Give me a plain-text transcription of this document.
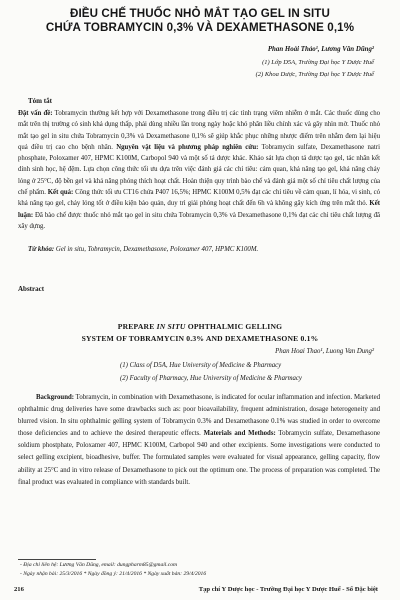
ĐIỀU CHẾ THUỐC NHỎ MẮT TẠO GEL IN SITU
CHỨA TOBRAMYCIN 0,3% VÀ DEXAMETHASONE 0,1%
Phan Hoài Thảo¹, Lương Văn Dũng²
(1) Lớp D5A, Trường Đại học Y Dược Huế
(2) Khoa Dược, Trường Đại học Y Dược Huế
Tóm tắt
Đặt vấn đề: Tobramycin thường kết hợp với Dexamethasone trong điều trị các tình trạng viêm nhiễm ở mắt. Các thuốc dùng cho mắt trên thị trường có sinh khả dụng thấp, phải dùng nhiều lần trong ngày hoặc khó phân liều chính xác và gây nhìn mờ. Thuốc nhỏ mắt tạo gel in situ chứa Tobramycin 0,3% và Dexamethasone 0,1% sẽ giúp khắc phục những nhược điểm trên nhằm đem lại hiệu quả điều trị cao cho bệnh nhân. Nguyên vật liệu và phương pháp nghiên cứu: Tobramycin sulfate, Dexamethasone natri phosphate, Poloxamer 407, HPMC K100M, Carbopol 940 và một số tá dược khác. Khảo sát lựa chọn tá dược tạo gel, tác nhân kết dính sinh học, hệ đệm. Lựa chọn công thức tối ưu dựa trên việc đánh giá các chỉ tiêu: cảm quan, khả năng tạo gel, khả năng chảy lỏng ở 25°C, độ bền gel và khả năng phóng thích hoạt chất. Hoàn thiện quy trình bào chế và đánh giá một số chỉ tiêu chất lượng của chế phẩm. Kết quả: Công thức tối ưu CT16 chứa P407 16,5%; HPMC K100M 0,5% đạt các chỉ tiêu về cảm quan, lí hóa, vi sinh, có khả năng tạo gel, chảy lỏng tốt ở điều kiện bảo quản, duy trì giải phóng hoạt chất đến 6h và không gây kích ứng trên mắt thỏ. Kết luận: Đã bào chế được thuốc nhỏ mắt tạo gel in situ chứa Tobramycin 0,3% và Dexamethasone 0,1% đạt các chỉ tiêu chất lượng đã xây dựng.
Từ khóa: Gel in situ, Tobramycin, Dexamethasone, Poloxamer 407, HPMC K100M.
Abstract
PREPARE IN SITU OPHTHALMIC GELLING
SYSTEM OF TOBRAMYCIN 0.3% AND DEXAMETHASONE 0.1%
Phan Hoai Thao¹, Luong Van Dung²
(1) Class of D5A, Hue University of Medicine & Pharmacy
(2) Faculty of Pharmacy, Hue University of Medicine & Pharmacy
Background: Tobramycin, in combination with Dexamethasone, is indicated for ocular inflammation and infection. Marketed ophthalmic drug deliveries have some drawbacks such as: poor bioavailability, frequent administration, dosage heterogeneity and blurred vision. In situ ophthalmic gelling system of Tobramycin 0.3% and Dexamethasone 0.1% was studied in order to overcome those deficiencies and to achieve the desired therapeutic effects. Materials and Methods: Tobramycin sulfate, Dexamethasone soldium phostphate, Poloxamer 407, HPMC K100M, Carbopol 940 and other excipients. Some investigations were conducted to select gelling excipient, bioadhesive, buffer. The formulated samples were evaluated for visual appearance, gelling capacity, flow ability at 25°C and in vitro release of Dexamethasone to pick out the optimum one. The process of preparation was completed. The final product was evaluated in compliance with standards built.
- Địa chỉ liên hệ: Lương Văn Dũng, email: dungpharm85@gmail.com
- Ngày nhận bài: 25/3/2016 * Ngày đồng ý: 21/4/2016 * Ngày xuất bản: 29/4/2016
216	Tạp chí Y Dược học - Trường Đại học Y Dược Huế - Số Đặc biệt
